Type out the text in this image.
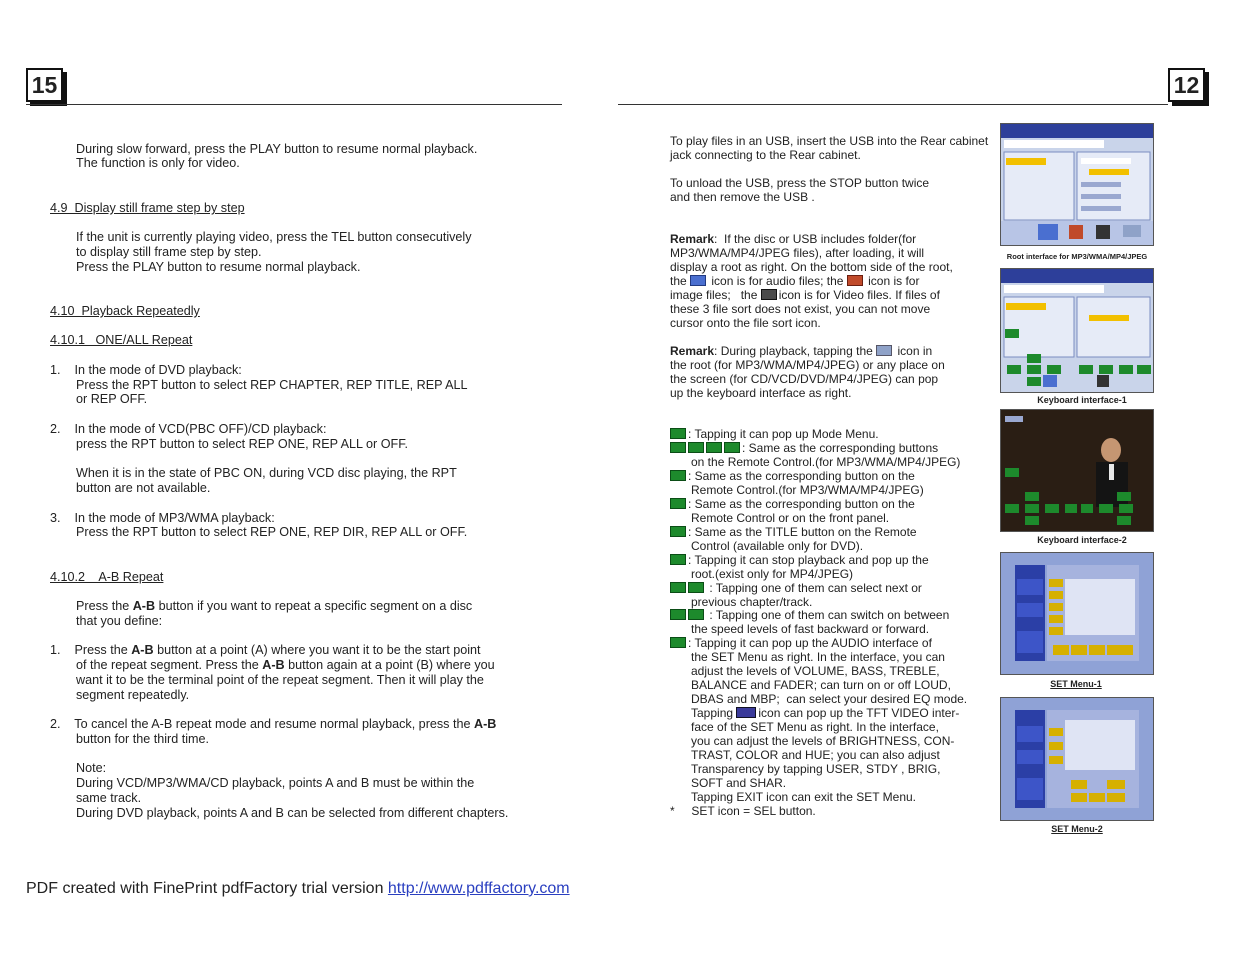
15
During slow forward, press the PLAY button to resume normal playback.
The function is only for video.
4.9  Display still frame step by step
If the unit is currently playing video, press the TEL button consecutively
to display still frame step by step.
Press the PLAY button to resume normal playback.
4.10  Playback Repeatedly
4.10.1   ONE/ALL Repeat
1.    In the mode of DVD playback:
Press the RPT button to select REP CHAPTER, REP TITLE, REP ALL
or REP OFF.
2.    In the mode of VCD(PBC OFF)/CD playback:
press the RPT button to select REP ONE, REP ALL or OFF.
When it is in the state of PBC ON, during VCD disc playing, the RPT
button are not available.
3.    In the mode of MP3/WMA playback:
Press the RPT button to select REP ONE, REP DIR, REP ALL or OFF.
4.10.2    A-B Repeat
Press the A-B button if you want to repeat a specific segment on a disc
that you define:
1.    Press the A-B button at a point (A) where you want it to be the start point
of the repeat segment. Press the A-B button again at a point (B) where you
want it to be the terminal point of the repeat segment. Then it will play the
segment repeatedly.
2.    To cancel the A-B repeat mode and resume normal playback, press the A-B
button for the third time.
Note:
During VCD/MP3/WMA/CD playback, points A and B must be within the
same track.
During DVD playback, points A and B can be selected from different chapters.
12
To play files in an USB, insert the USB into the Rear cabinet
jack connecting to the Rear cabinet.
To unload the USB, press the STOP button twice
and then remove the USB .
Remark:  If the disc or USB includes folder(for
MP3/WMA/MP4/JPEG files), after loading, it will
display a root as right. On the bottom side of the root,
the  icon is for audio files; the  icon is for
image files;   the icon is for Video files. If files of
these 3 file sort does not exist, you can not move
cursor onto the file sort icon.
Remark: During playback, tapping the  icon in
the root (for MP3/WMA/MP4/JPEG) or any place on
the screen (for CD/VCD/DVD/MP4/JPEG) can pop
up the keyboard interface as right.
: Tapping it can pop up Mode Menu.
: Same as the corresponding buttons
on the Remote Control.(for MP3/WMA/MP4/JPEG)
: Same as the corresponding button on the
Remote Control.(for MP3/WMA/MP4/JPEG)
: Same as the corresponding button on the
Remote Control or on the front panel.
: Same as the TITLE button on the Remote
Control (available only for DVD).
: Tapping it can stop playback and pop up the
root.(exist only for MP4/JPEG)
: Tapping one of them can select next or
previous chapter/track.
: Tapping one of them can switch on between
the speed levels of fast backward or forward.
: Tapping it can pop up the AUDIO interface of
the SET Menu as right. In the interface, you can
adjust the levels of VOLUME, BASS, TREBLE,
BALANCE and FADER; can turn on or off LOUD,
DBAS and MBP;  can select your desired EQ mode.
Tapping icon can pop up the TFT VIDEO inter-
face of the SET Menu as right. In the interface,
you can adjust the levels of BRIGHTNESS, CON-
TRAST, COLOR and HUE; you can also adjust
Transparency by tapping USER, STDY , BRIG,
SOFT and SHAR.
Tapping EXIT icon can exit the SET Menu.
*     SET icon = SEL button.
Root interface for MP3/WMA/MP4/JPEG
Keyboard interface-1
Keyboard interface-2
SET Menu-1
SET Menu-2
PDF created with FinePrint pdfFactory trial version http://www.pdffactory.com
